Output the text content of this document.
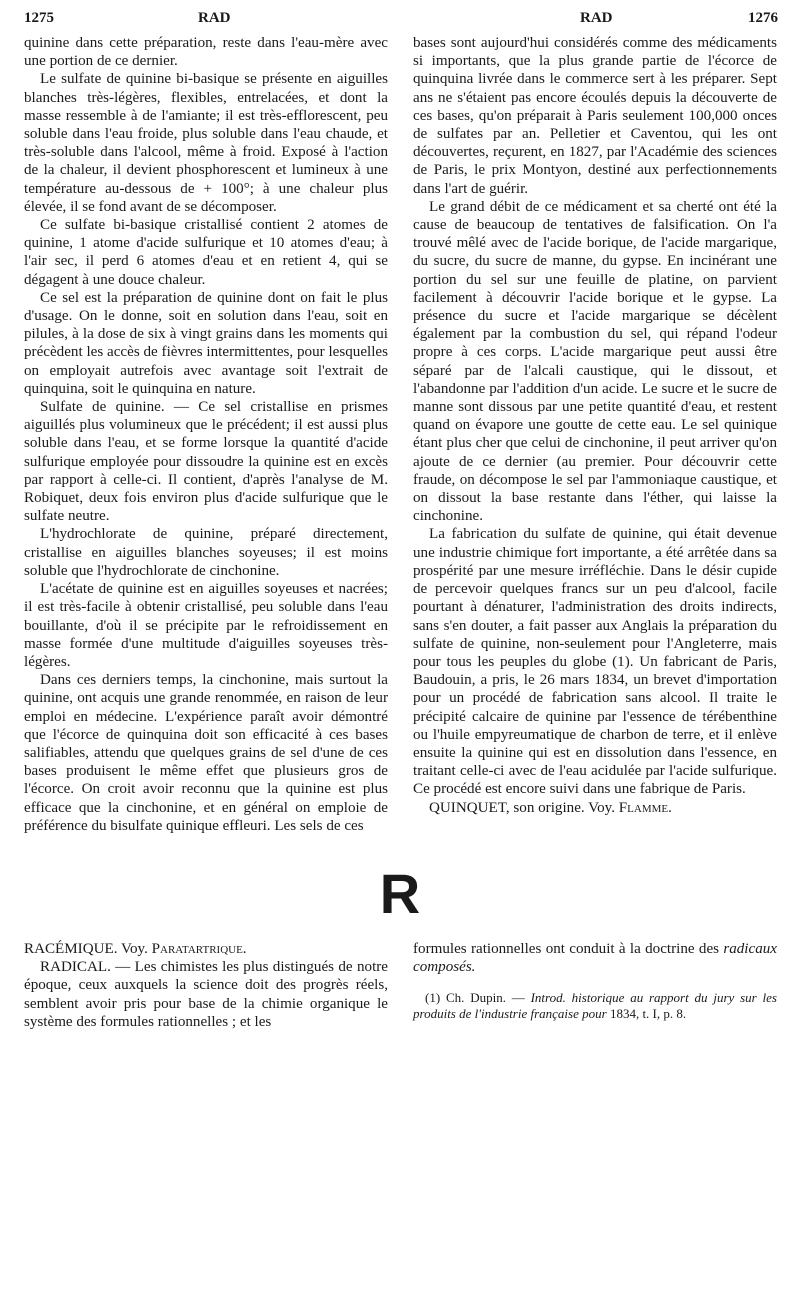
1275	RAD	RAD	1276

quinine dans cette préparation, reste dans l'eau-mère avec une portion de ce dernier.

Le sulfate de quinine bi-basique se présente en aiguilles blanches très-légères, flexibles, entrelacées, et dont la masse ressemble à de l'amiante; il est très-efflorescent, peu soluble dans l'eau froide, plus soluble dans l'eau chaude, et très-soluble dans l'alcool, même à froid. Exposé à l'action de la chaleur, il devient phosphorescent et lumineux à une température au-dessous de + 100°; à une chaleur plus élevée, il se fond avant de se décomposer.

Ce sulfate bi-basique cristallisé contient 2 atomes de quinine, 1 atome d'acide sulfurique et 10 atomes d'eau; à l'air sec, il perd 6 atomes d'eau et en retient 4, qui se dégagent à une douce chaleur.

Ce sel est la préparation de quinine dont on fait le plus d'usage. On le donne, soit en solution dans l'eau, soit en pilules, à la dose de six à vingt grains dans les moments qui précèdent les accès de fièvres intermittentes, pour lesquelles on employait autrefois avec avantage soit l'extrait de quinquina, soit le quinquina en nature.

Sulfate de quinine. — Ce sel cristallise en prismes aiguillés plus volumineux que le précédent; il est aussi plus soluble dans l'eau, et se forme lorsque la quantité d'acide sulfurique employée pour dissoudre la quinine est en excès par rapport à celle-ci. Il contient, d'après l'analyse de M. Robiquet, deux fois environ plus d'acide sulfurique que le sulfate neutre.

L'hydrochlorate de quinine, préparé directement, cristallise en aiguilles blanches soyeuses; il est moins soluble que l'hydrochlorate de cinchonine.

L'acétate de quinine est en aiguilles soyeuses et nacrées; il est très-facile à obtenir cristallisé, peu soluble dans l'eau bouillante, d'où il se précipite par le refroidissement en masse formée d'une multitude d'aiguilles soyeuses très-légères.

Dans ces derniers temps, la cinchonine, mais surtout la quinine, ont acquis une grande renommée, en raison de leur emploi en médecine. L'expérience paraît avoir démontré que l'écorce de quinquina doit son efficacité à ces bases salifiables, attendu que quelques grains de sel d'une de ces bases produisent le même effet que plusieurs gros de l'écorce. On croit avoir reconnu que la quinine est plus efficace que la cinchonine, et en général on emploie de préférence du bisulfate quinique effleuri. Les sels de ces

bases sont aujourd'hui considérés comme des médicaments si importants, que la plus grande partie de l'écorce de quinquina livrée dans le commerce sert à les préparer. Sept ans ne s'étaient pas encore écoulés depuis la découverte de ces bases, qu'on préparait à Paris seulement 100,000 onces de sulfates par an. Pelletier et Caventou, qui les ont découvertes, reçurent, en 1827, par l'Académie des sciences de Paris, le prix Montyon, destiné aux perfectionnements dans l'art de guérir.

Le grand débit de ce médicament et sa cherté ont été la cause de beaucoup de tentatives de falsification. On l'a trouvé mêlé avec de l'acide borique, de l'acide margarique, du sucre, du sucre de manne, du gypse. En incinérant une portion du sel sur une feuille de platine, on parvient facilement à découvrir l'acide borique et le gypse. La présence du sucre et l'acide margarique se décèlent également par la combustion du sel, qui répand l'odeur propre à ces corps. L'acide margarique peut aussi être séparé par de l'alcali caustique, qui le dissout, et l'abandonne par l'addition d'un acide. Le sucre et le sucre de manne sont dissous par une petite quantité d'eau, et restent quand on évapore une goutte de cette eau. Le sel quinique étant plus cher que celui de cinchonine, il peut arriver qu'on ajoute de ce dernier (au premier. Pour découvrir cette fraude, on décompose le sel par l'ammoniaque caustique, et on dissout la base restante dans l'éther, qui laisse la cinchonine.

La fabrication du sulfate de quinine, qui était devenue une industrie chimique fort importante, a été arrêtée dans sa prospérité par une mesure irréfléchie. Dans le désir cupide de percevoir quelques francs sur un peu d'alcool, facile pourtant à dénaturer, l'administration des droits indirects, sans s'en douter, a fait passer aux Anglais la préparation du sulfate de quinine, non-seulement pour l'Angleterre, mais pour tous les peuples du globe (1). Un fabricant de Paris, Baudouin, a pris, le 26 mars 1834, un brevet d'importation pour un procédé de fabrication sans alcool. Il traite le précipité calcaire de quinine par l'essence de térébenthine ou l'huile empyreumatique de charbon de terre, et il enlève ensuite la quinine qui est en dissolution dans l'essence, en traitant celle-ci avec de l'eau acidulée par l'acide sulfurique. Ce procédé est encore suivi dans une fabrique de Paris.

QUINQUET, son origine. Voy. Flamme.

R

RACÉMIQUE. Voy. Paratartrique.

RADICAL. — Les chimistes les plus distingués de notre époque, ceux auxquels la science doit des progrès réels, semblent avoir pris pour base de la chimie organique le système des formules rationnelles ; et les

formules rationnelles ont conduit à la doctrine des radicaux composés.

(1) Ch. Dupin. — Introd. historique au rapport du jury sur les produits de l'industrie française pour 1834, t. I, p. 8.
